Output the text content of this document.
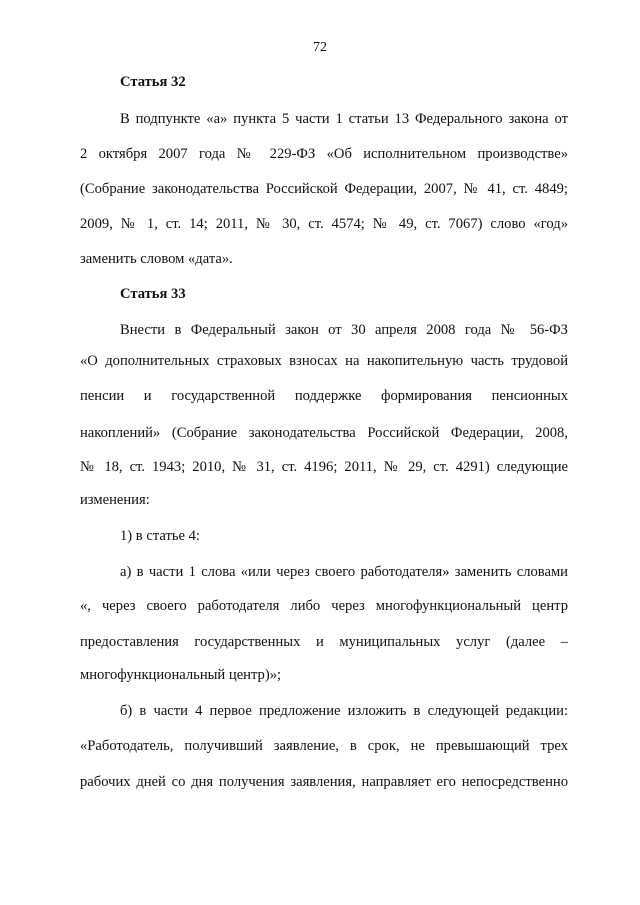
72
Статья 32
В подпункте «а» пункта 5 части 1 статьи 13 Федерального закона от
2 октября 2007 года № 229-ФЗ «Об исполнительном производстве»
(Собрание законодательства Российской Федерации, 2007, № 41, ст. 4849;
2009, № 1, ст. 14; 2011, № 30, ст. 4574; № 49, ст. 7067) слово «год»
заменить словом «дата».
Статья 33
Внести в Федеральный закон от 30 апреля 2008 года № 56-ФЗ
«О дополнительных страховых взносах на накопительную часть трудовой
пенсии и государственной поддержке формирования пенсионных
накоплений» (Собрание законодательства Российской Федерации, 2008,
№ 18, ст. 1943; 2010, № 31, ст. 4196; 2011, № 29, ст. 4291) следующие
изменения:
1) в статье 4:
а) в части 1 слова «или через своего работодателя» заменить словами
«, через своего работодателя либо через многофункциональный центр
предоставления государственных и муниципальных услуг (далее –
многофункциональный центр)»;
б) в части 4 первое предложение изложить в следующей редакции:
«Работодатель, получивший заявление, в срок, не превышающий трех
рабочих дней со дня получения заявления, направляет его непосредственно
